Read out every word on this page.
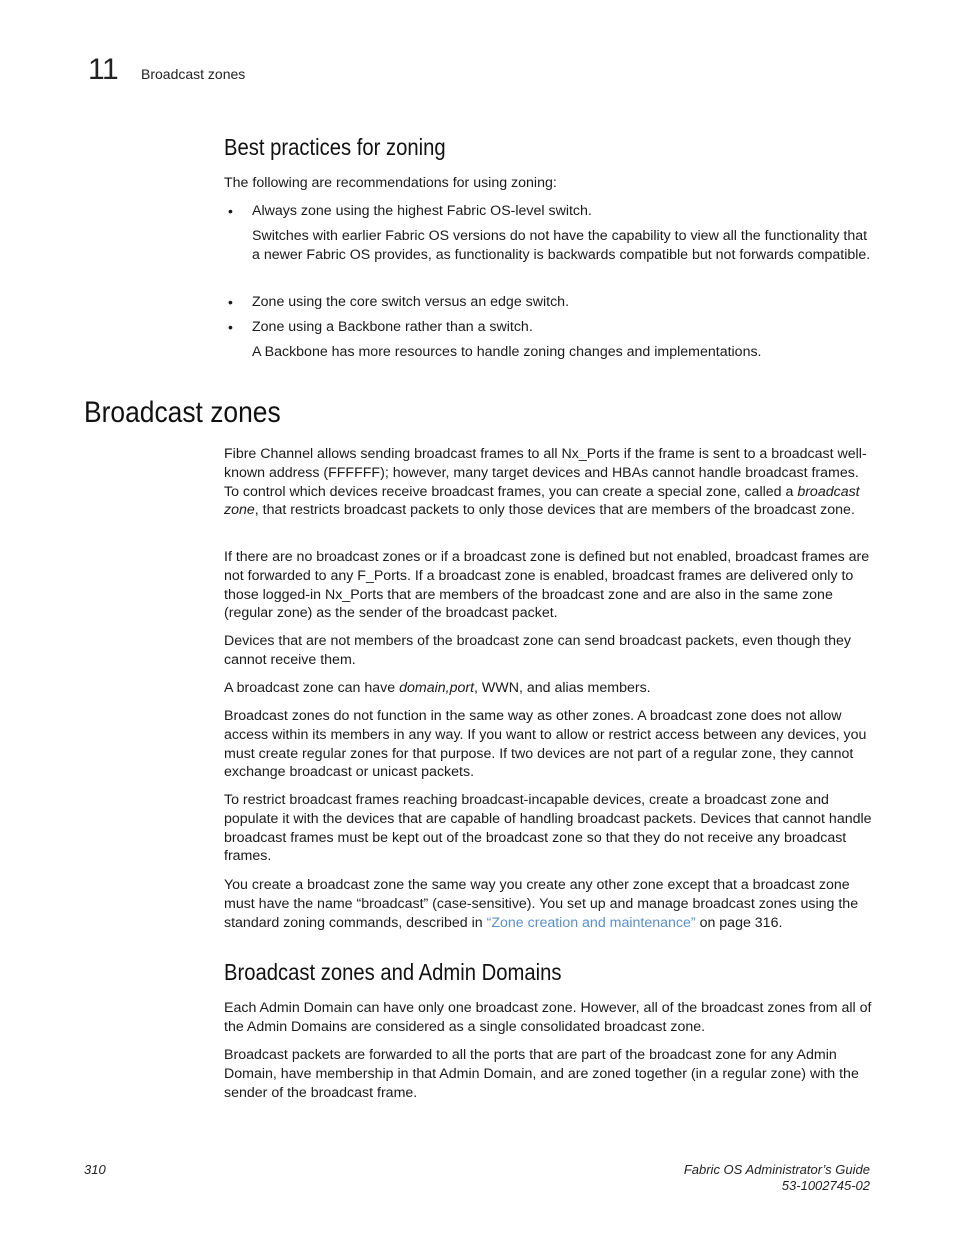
11 Broadcast zones
Best practices for zoning

The following are recommendations for using zoning:

•	Always zone using the highest Fabric OS-level switch.

Switches with earlier Fabric OS versions do not have the capability to view all the functionality that a newer Fabric OS provides, as functionality is backwards compatible but not forwards compatible.

•	Zone using the core switch versus an edge switch.

•	Zone using a Backbone rather than a switch.

A Backbone has more resources to handle zoning changes and implementations.

Broadcast zones

Fibre Channel allows sending broadcast frames to all Nx_Ports if the frame is sent to a broadcast well-known address (FFFFFF); however, many target devices and HBAs cannot handle broadcast frames. To control which devices receive broadcast frames, you can create a special zone, called a broadcast zone, that restricts broadcast packets to only those devices that are members of the broadcast zone.

If there are no broadcast zones or if a broadcast zone is defined but not enabled, broadcast frames are not forwarded to any F_Ports. If a broadcast zone is enabled, broadcast frames are delivered only to those logged-in Nx_Ports that are members of the broadcast zone and are also in the same zone (regular zone) as the sender of the broadcast packet.

Devices that are not members of the broadcast zone can send broadcast packets, even though they cannot receive them.

A broadcast zone can have domain,port, WWN, and alias members.

Broadcast zones do not function in the same way as other zones. A broadcast zone does not allow access within its members in any way. If you want to allow or restrict access between any devices, you must create regular zones for that purpose. If two devices are not part of a regular zone, they cannot exchange broadcast or unicast packets.

To restrict broadcast frames reaching broadcast-incapable devices, create a broadcast zone and populate it with the devices that are capable of handling broadcast packets. Devices that cannot handle broadcast frames must be kept out of the broadcast zone so that they do not receive any broadcast frames.

You create a broadcast zone the same way you create any other zone except that a broadcast zone must have the name “broadcast” (case-sensitive). You set up and manage broadcast zones using the standard zoning commands, described in “Zone creation and maintenance” on page 316.

Broadcast zones and Admin Domains

Each Admin Domain can have only one broadcast zone. However, all of the broadcast zones from all of the Admin Domains are considered as a single consolidated broadcast zone.

Broadcast packets are forwarded to all the ports that are part of the broadcast zone for any Admin Domain, have membership in that Admin Domain, and are zoned together (in a regular zone) with the sender of the broadcast frame.

310	Fabric OS Administrator’s Guide
53-1002745-02
